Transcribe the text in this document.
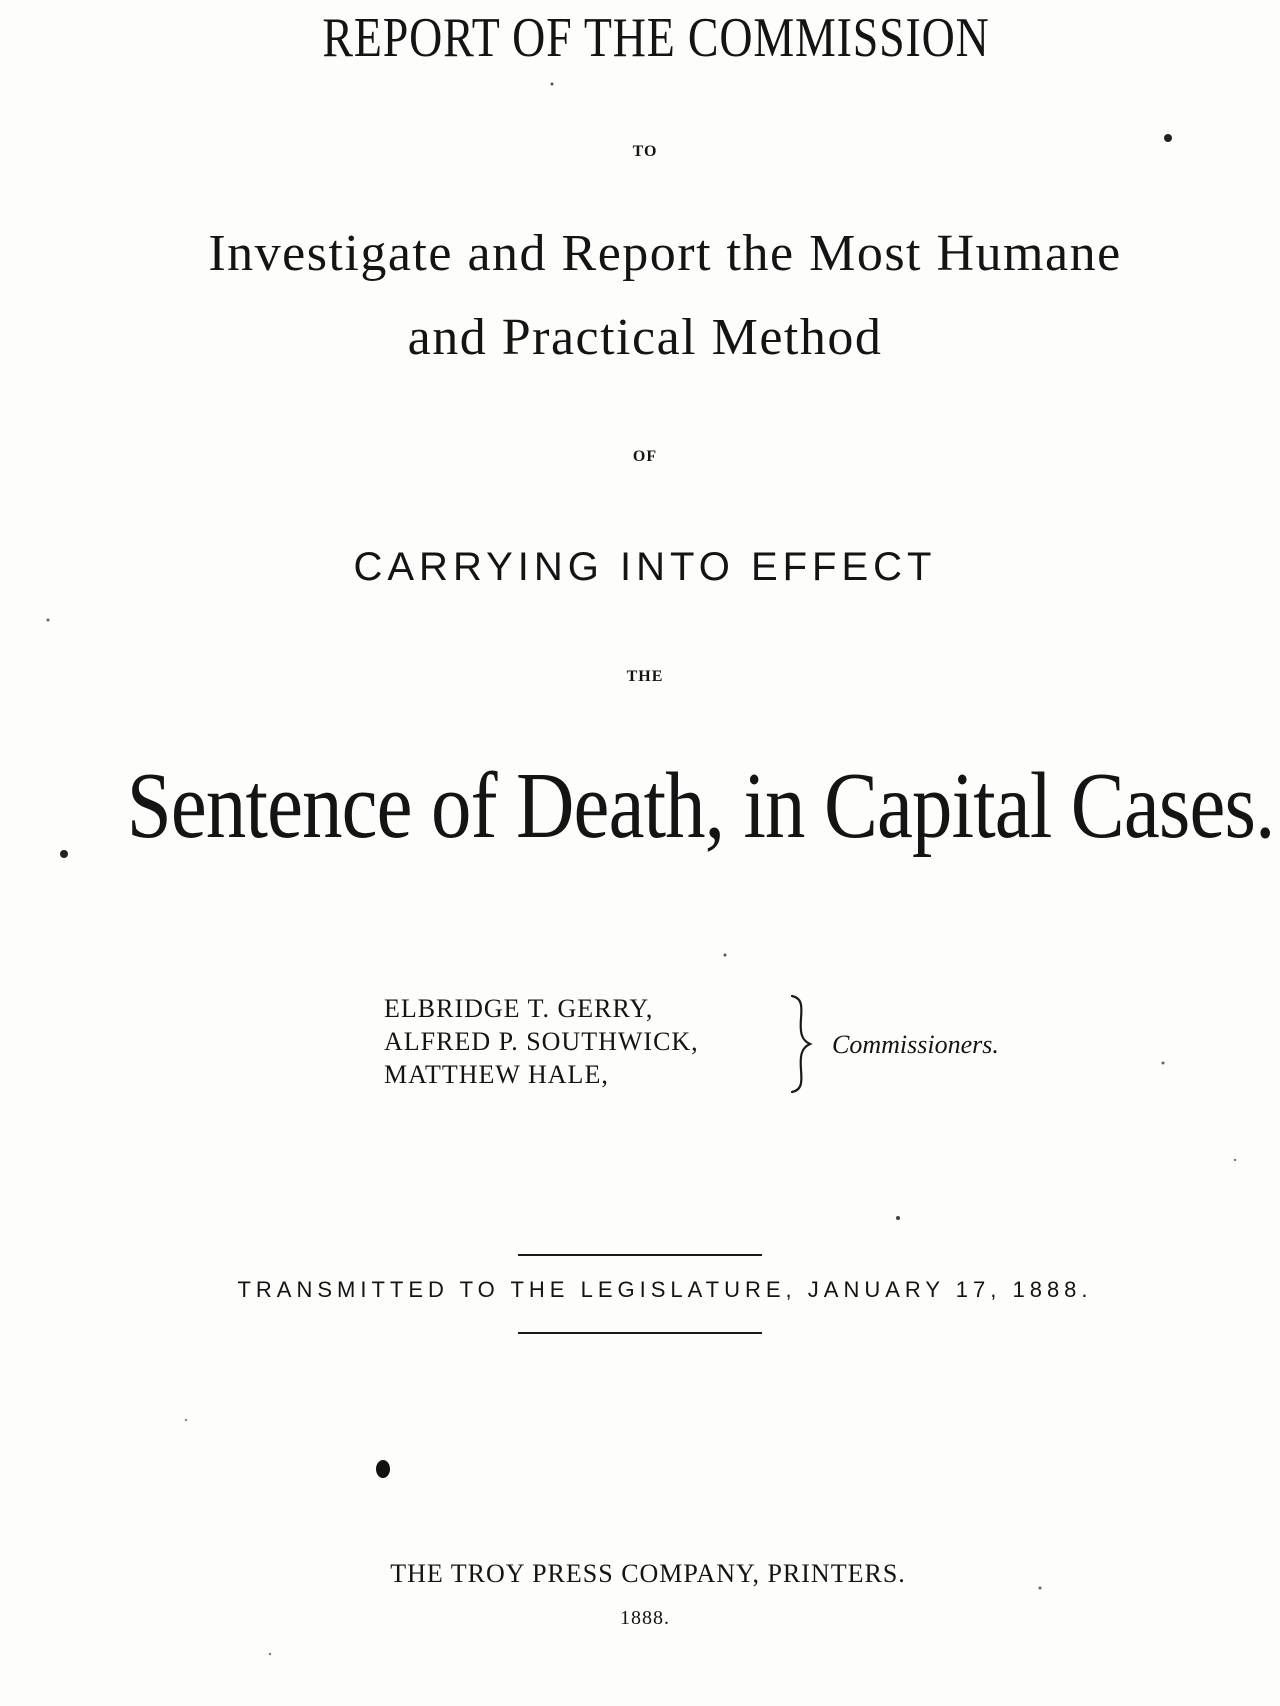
REPORT OF THE COMMISSION
TO
Investigate and Report the Most Humane
and Practical Method
OF
CARRYING INTO EFFECT
THE
Sentence of Death, in Capital Cases.
ELBRIDGE T. GERRY,
ALFRED P. SOUTHWICK,
MATTHEW HALE,
Commissioners.
TRANSMITTED TO THE LEGISLATURE, JANUARY 17, 1888.
THE TROY PRESS COMPANY, PRINTERS.
1888.
